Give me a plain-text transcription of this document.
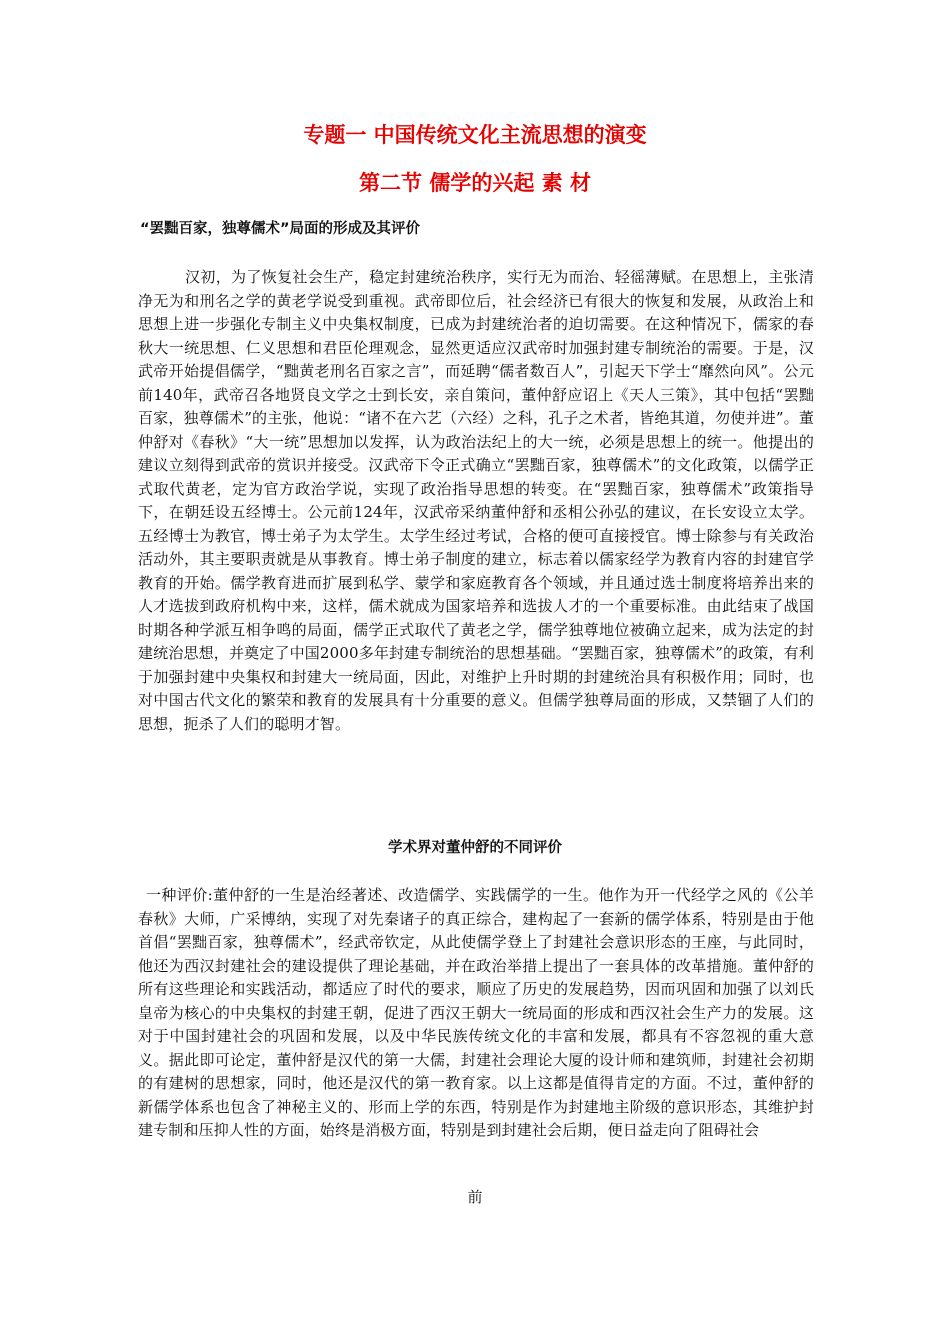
专题一 中国传统文化主流思想的演变
第二节 儒学的兴起 素 材
“罢黜百家，独尊儒术”局面的形成及其评价
汉初，为了恢复社会生产，稳定封建统治秩序，实行无为而治、轻徭薄赋。在思想上，主张清净无为和刑名之学的黄老学说受到重视。武帝即位后，社会经济已有很大的恢复和发展，从政治上和思想上进一步强化专制主义中央集权制度，已成为封建统治者的迫切需要。在这种情况下，儒家的春秋大一统思想、仁义思想和君臣伦理观念，显然更适应汉武帝时加强封建专制统治的需要。于是，汉武帝开始提倡儒学，“黜黄老刑名百家之言”，而延聘“儒者数百人”，引起天下学士“靡然向风”。公元前140年，武帝召各地贤良文学之士到长安，亲自策问，董仲舒应诏上《天人三策》，其中包括“罢黜百家，独尊儒术”的主张，他说：“诸不在六艺（六经）之科，孔子之术者，皆绝其道，勿使并进”。董仲舒对《春秋》“大一统”思想加以发挥，认为政治法纪上的大一统，必须是思想上的统一。他提出的建议立刻得到武帝的赏识并接受。汉武帝下令正式确立“罢黜百家，独尊儒术”的文化政策，以儒学正式取代黄老，定为官方政治学说，实现了政治指导思想的转变。在“罢黜百家，独尊儒术”政策指导下，在朝廷设五经博士。公元前124年，汉武帝采纳董仲舒和丞相公孙弘的建议，在长安设立太学。五经博士为教官，博士弟子为太学生。太学生经过考试，合格的便可直接授官。博士除参与有关政治活动外，其主要职责就是从事教育。博士弟子制度的建立，标志着以儒家经学为教育内容的封建官学教育的开始。儒学教育进而扩展到私学、蒙学和家庭教育各个领域，并且通过选士制度将培养出来的人才选拔到政府机构中来，这样，儒术就成为国家培养和选拔人才的一个重要标准。由此结束了战国时期各种学派互相争鸣的局面，儒学正式取代了黄老之学，儒学独尊地位被确立起来，成为法定的封建统治思想，并奠定了中国2000多年封建专制统治的思想基础。“罢黜百家，独尊儒术”的政策，有利于加强封建中央集权和封建大一统局面，因此，对维护上升时期的封建统治具有积极作用；同时，也对中国古代文化的繁荣和教育的发展具有十分重要的意义。但儒学独尊局面的形成，又禁锢了人们的思想，扼杀了人们的聪明才智。
学术界对董仲舒的不同评价
一种评价:董仲舒的一生是治经著述、改造儒学、实践儒学的一生。他作为开一代经学之风的《公羊春秋》大师，广采博纳，实现了对先秦诸子的真正综合，建构起了一套新的儒学体系，特别是由于他首倡“罢黜百家，独尊儒术”，经武帝钦定，从此使儒学登上了封建社会意识形态的王座，与此同时，他还为西汉封建社会的建设提供了理论基础，并在政治举措上提出了一套具体的改革措施。董仲舒的所有这些理论和实践活动，都适应了时代的要求，顺应了历史的发展趋势，因而巩固和加强了以刘氏皇帝为核心的中央集权的封建王朝，促进了西汉王朝大一统局面的形成和西汉社会生产力的发展。这对于中国封建社会的巩固和发展，以及中华民族传统文化的丰富和发展，都具有不容忽视的重大意义。据此即可论定，董仲舒是汉代的第一大儒，封建社会理论大厦的设计师和建筑师，封建社会初期的有建树的思想家，同时，他还是汉代的第一教育家。以上这都是值得肯定的方面。不过，董仲舒的新儒学体系也包含了神秘主义的、形而上学的东西，特别是作为封建地主阶级的意识形态，其维护封建专制和压抑人性的方面，始终是消极方面，特别是到封建社会后期，便日益走向了阻碍社会
前
